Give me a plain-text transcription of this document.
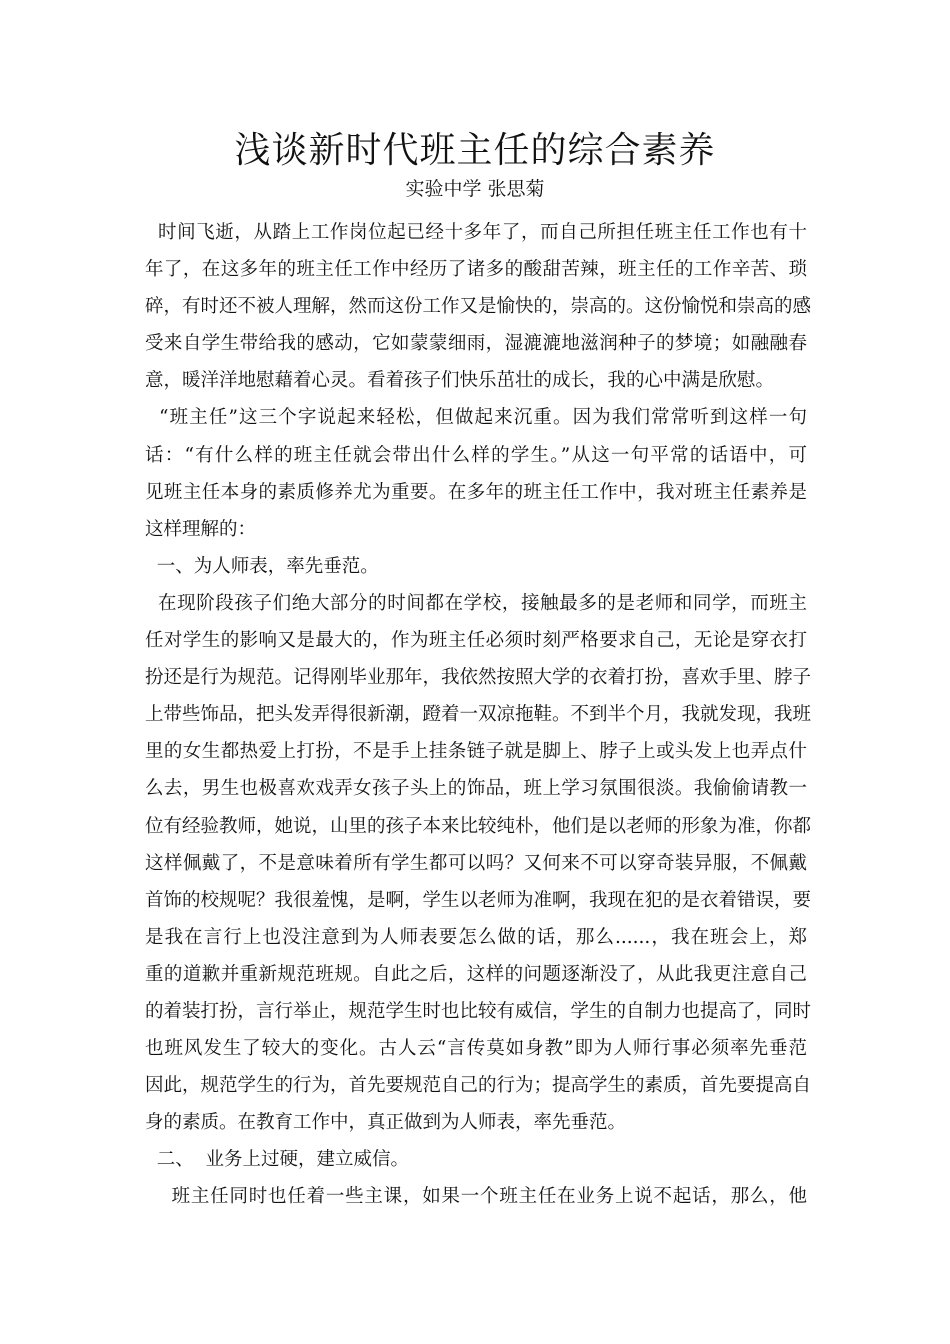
浅谈新时代班主任的综合素养
实验中学 张思菊
时间飞逝，从踏上工作岗位起已经十多年了，而自己所担任班主任工作也有十
年了，在这多年的班主任工作中经历了诸多的酸甜苦辣，班主任的工作辛苦、琐
碎，有时还不被人理解，然而这份工作又是愉快的，崇高的。这份愉悦和崇高的感
受来自学生带给我的感动，它如蒙蒙细雨，湿漉漉地滋润种子的梦境；如融融春
意，暖洋洋地慰藉着心灵。看着孩子们快乐茁壮的成长，我的心中满是欣慰。
“班主任”这三个字说起来轻松，但做起来沉重。因为我们常常听到这样一句
话：“有什么样的班主任就会带出什么样的学生。”从这一句平常的话语中，可
见班主任本身的素质修养尤为重要。在多年的班主任工作中，我对班主任素养是
这样理解的：
一、为人师表，率先垂范。
在现阶段孩子们绝大部分的时间都在学校，接触最多的是老师和同学，而班主
任对学生的影响又是最大的，作为班主任必须时刻严格要求自己，无论是穿衣打
扮还是行为规范。记得刚毕业那年，我依然按照大学的衣着打扮，喜欢手里、脖子
上带些饰品，把头发弄得很新潮，蹬着一双凉拖鞋。不到半个月，我就发现，我班
里的女生都热爱上打扮，不是手上挂条链子就是脚上、脖子上或头发上也弄点什
么去，男生也极喜欢戏弄女孩子头上的饰品，班上学习氛围很淡。我偷偷请教一
位有经验教师，她说，山里的孩子本来比较纯朴，他们是以老师的形象为准，你都
这样佩戴了，不是意味着所有学生都可以吗？又何来不可以穿奇装异服，不佩戴
首饰的校规呢？我很羞愧，是啊，学生以老师为准啊，我现在犯的是衣着错误，要
是我在言行上也没注意到为人师表要怎么做的话，那么......，我在班会上，郑
重的道歉并重新规范班规。自此之后，这样的问题逐渐没了，从此我更注意自己
的着装打扮，言行举止，规范学生时也比较有威信，学生的自制力也提高了，同时
也班风发生了较大的变化。古人云“言传莫如身教”即为人师行事必须率先垂范
因此，规范学生的行为，首先要规范自己的行为；提高学生的素质，首先要提高自
身的素质。在教育工作中，真正做到为人师表，率先垂范。
二、  业务上过硬，建立威信。
班主任同时也任着一些主课，如果一个班主任在业务上说不起话，那么，他
